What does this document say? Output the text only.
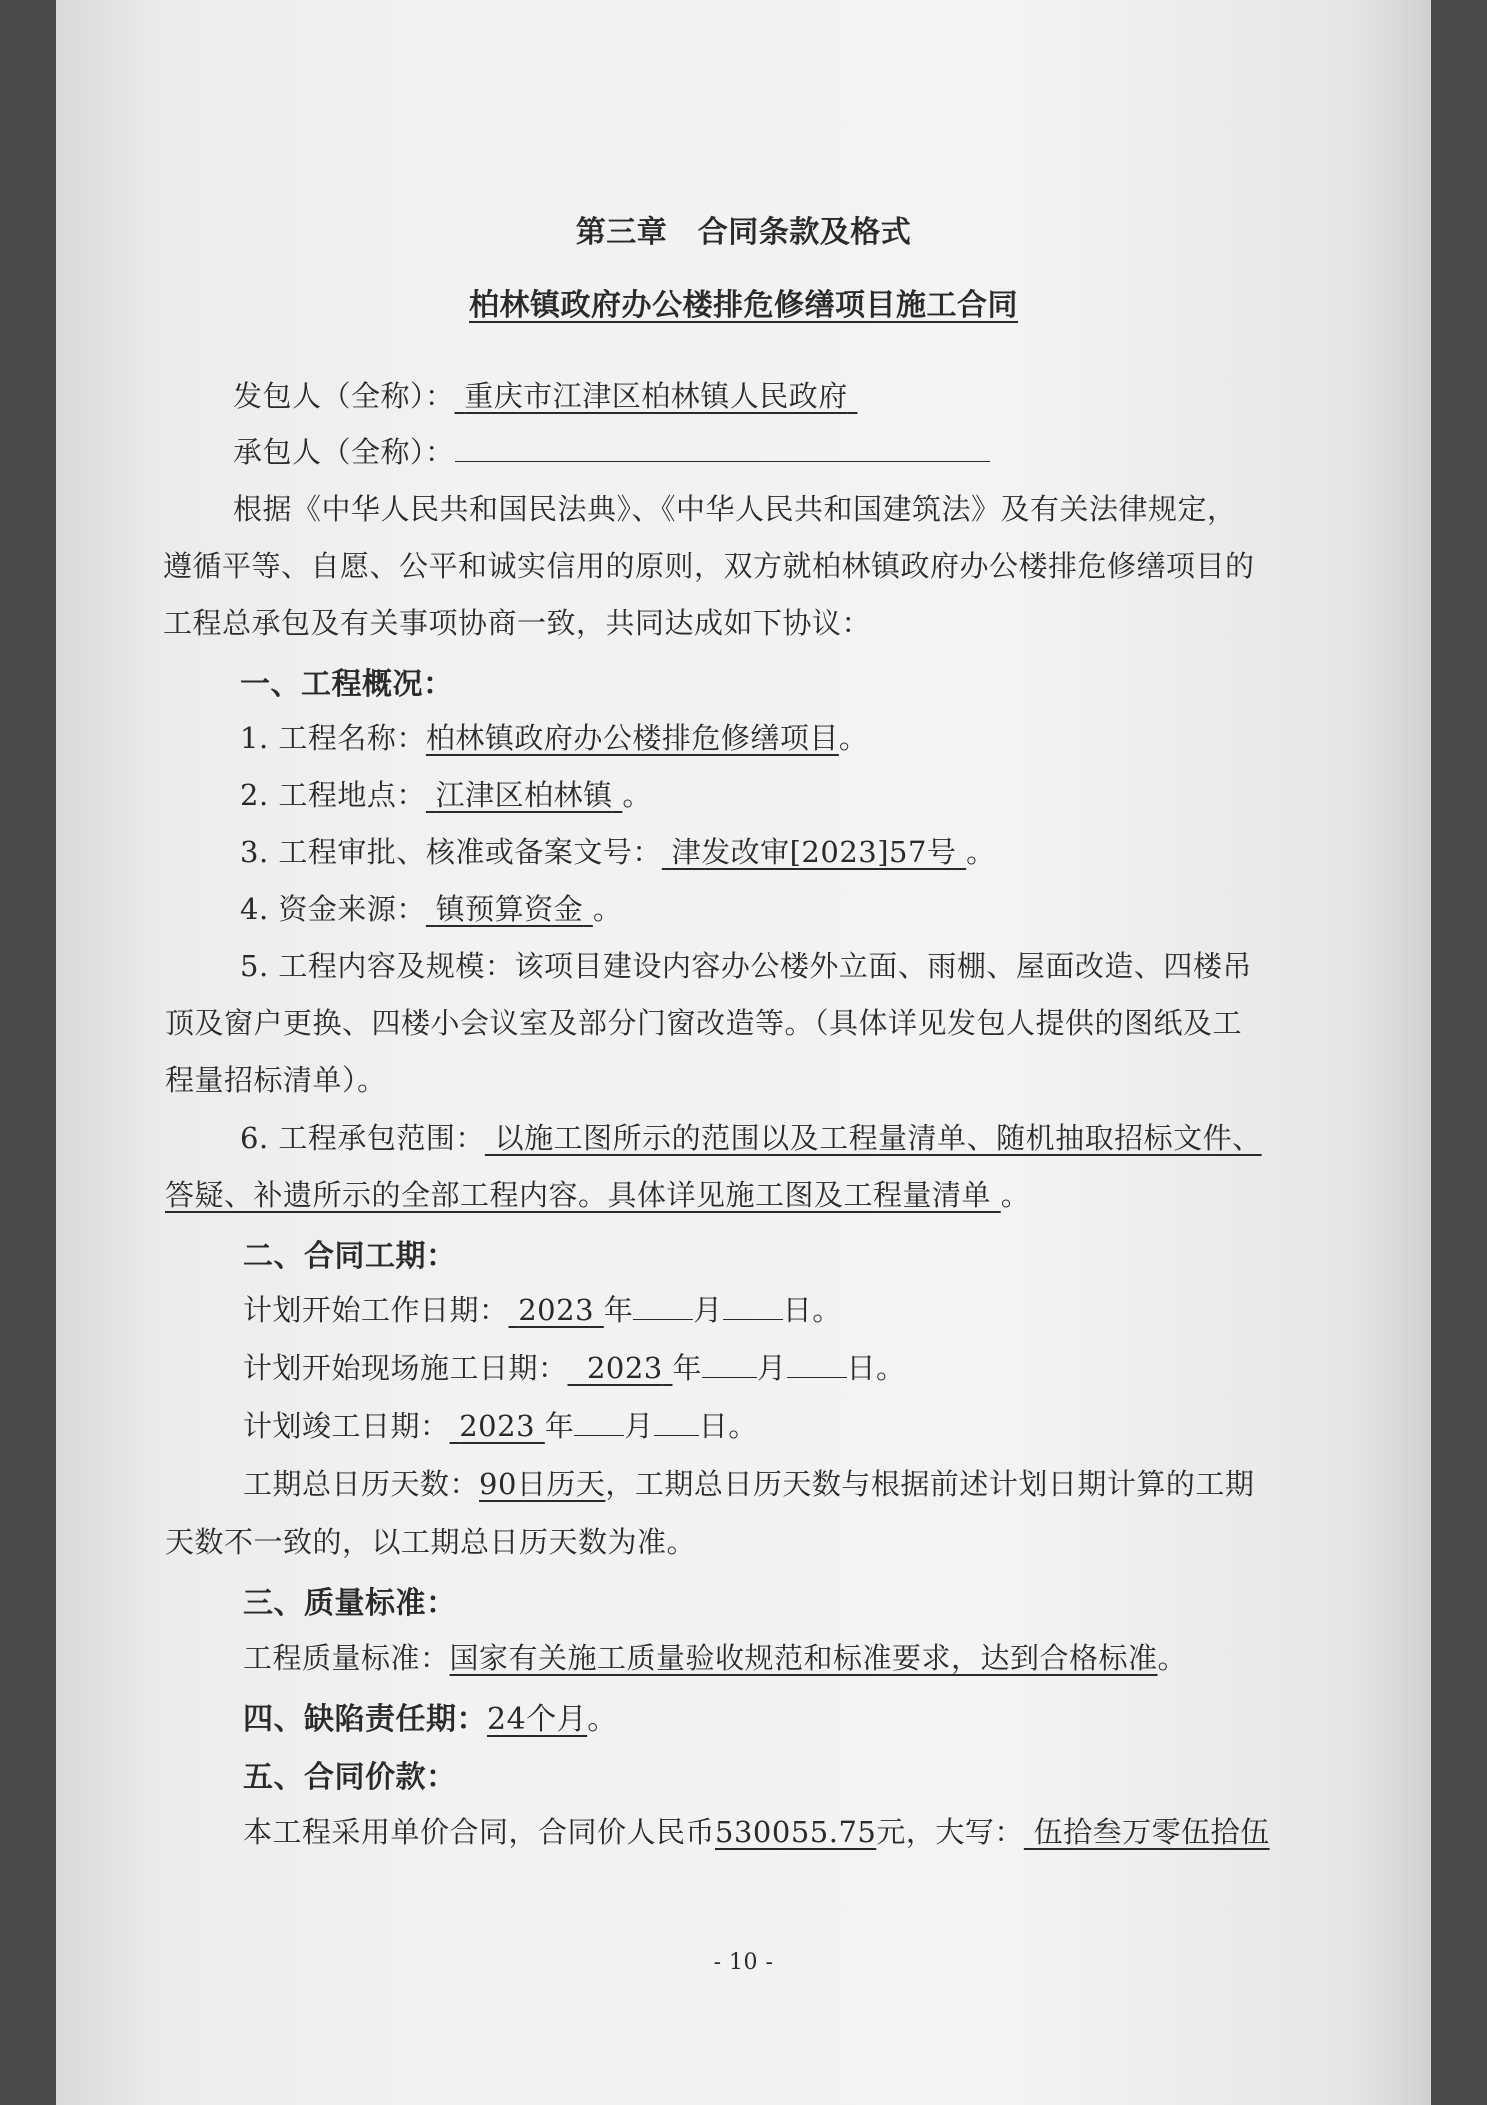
第三章　合同条款及格式
柏林镇政府办公楼排危修缮项目施工合同
发包人（全称）： 重庆市江津区柏林镇人民政府
承包人（全称）：
根据《中华人民共和国民法典》、《中华人民共和国建筑法》及有关法律规定，
遵循平等、自愿、公平和诚实信用的原则，双方就柏林镇政府办公楼排危修缮项目的
工程总承包及有关事项协商一致，共同达成如下协议：
一、工程概况：
1. 工程名称：柏林镇政府办公楼排危修缮项目。
2. 工程地点： 江津区柏林镇 。
3. 工程审批、核准或备案文号： 津发改审[2023]57号 。
4. 资金来源： 镇预算资金 。
5. 工程内容及规模：该项目建设内容办公楼外立面、雨棚、屋面改造、四楼吊
顶及窗户更换、四楼小会议室及部分门窗改造等。（具体详见发包人提供的图纸及工
程量招标清单）。
6. 工程承包范围： 以施工图所示的范围以及工程量清单、随机抽取招标文件、
答疑、补遗所示的全部工程内容。具体详见施工图及工程量清单 。
二、合同工期：
计划开始工作日期： 2023 年 月 日。
计划开始现场施工日期： 2023 年 月 日。
计划竣工日期： 2023 年 月 日。
工期总日历天数：90日历天，工期总日历天数与根据前述计划日期计算的工期
天数不一致的，以工期总日历天数为准。
三、质量标准：
工程质量标准：国家有关施工质量验收规范和标准要求，达到合格标准。
四、缺陷责任期：24个月。
五、合同价款：
本工程采用单价合同，合同价人民币530055.75元，大写： 伍拾叁万零伍拾伍
- 10 -
